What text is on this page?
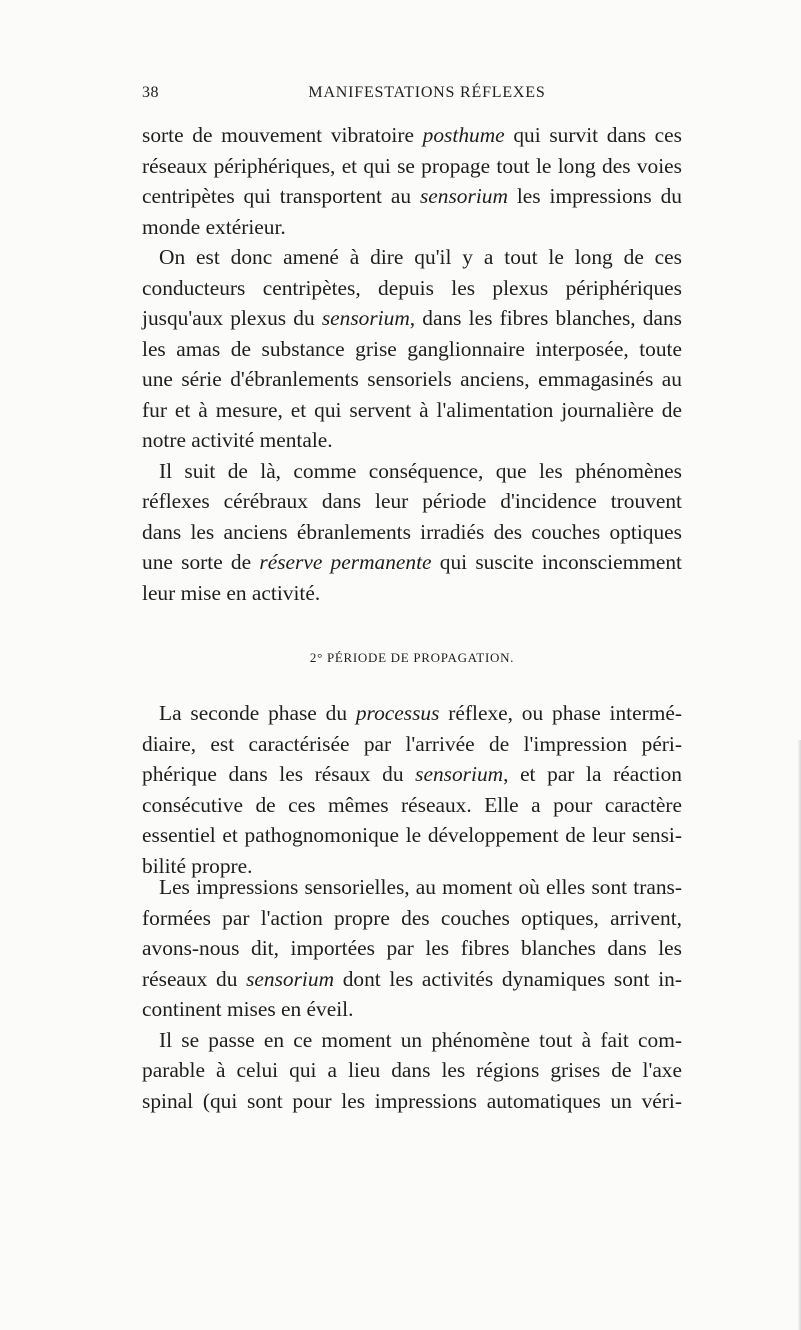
38	MANIFESTATIONS RÉFLEXES

sorte de mouvement vibratoire posthume qui survit dans ces
réseaux périphériques, et qui se propage tout le long des voies
centripètes qui transportent au sensorium les impressions du
monde extérieur.

On est donc amené à dire qu'il y a tout le long de ces
conducteurs centripètes, depuis les plexus périphériques
jusqu'aux plexus du sensorium, dans les fibres blanches, dans
les amas de substance grise ganglionnaire interposée, toute
une série d'ébranlements sensoriels anciens, emmagasinés au
fur et à mesure, et qui servent à l'alimentation journalière de
notre activité mentale.

Il suit de là, comme conséquence, que les phénomènes
réflexes cérébraux dans leur période d'incidence trouvent
dans les anciens ébranlements irradiés des couches optiques
une sorte de réserve permanente qui suscite inconsciemment
leur mise en activité.

2° PÉRIODE DE PROPAGATION.

La seconde phase du processus réflexe, ou phase intermé-
diaire, est caractérisée par l'arrivée de l'impression péri-
phérique dans les résaux du sensorium, et par la réaction
consécutive de ces mêmes réseaux. Elle a pour caractère
essentiel et pathognomonique le développement de leur sensi-
bilité propre.

Les impressions sensorielles, au moment où elles sont trans-
formées par l'action propre des couches optiques, arrivent,
avons-nous dit, importées par les fibres blanches dans les
réseaux du sensorium dont les activités dynamiques sont in-
continent mises en éveil.

Il se passe en ce moment un phénomène tout à fait com-
parable à celui qui a lieu dans les régions grises de l'axe
spinal (qui sont pour les impressions automatiques un véri-
